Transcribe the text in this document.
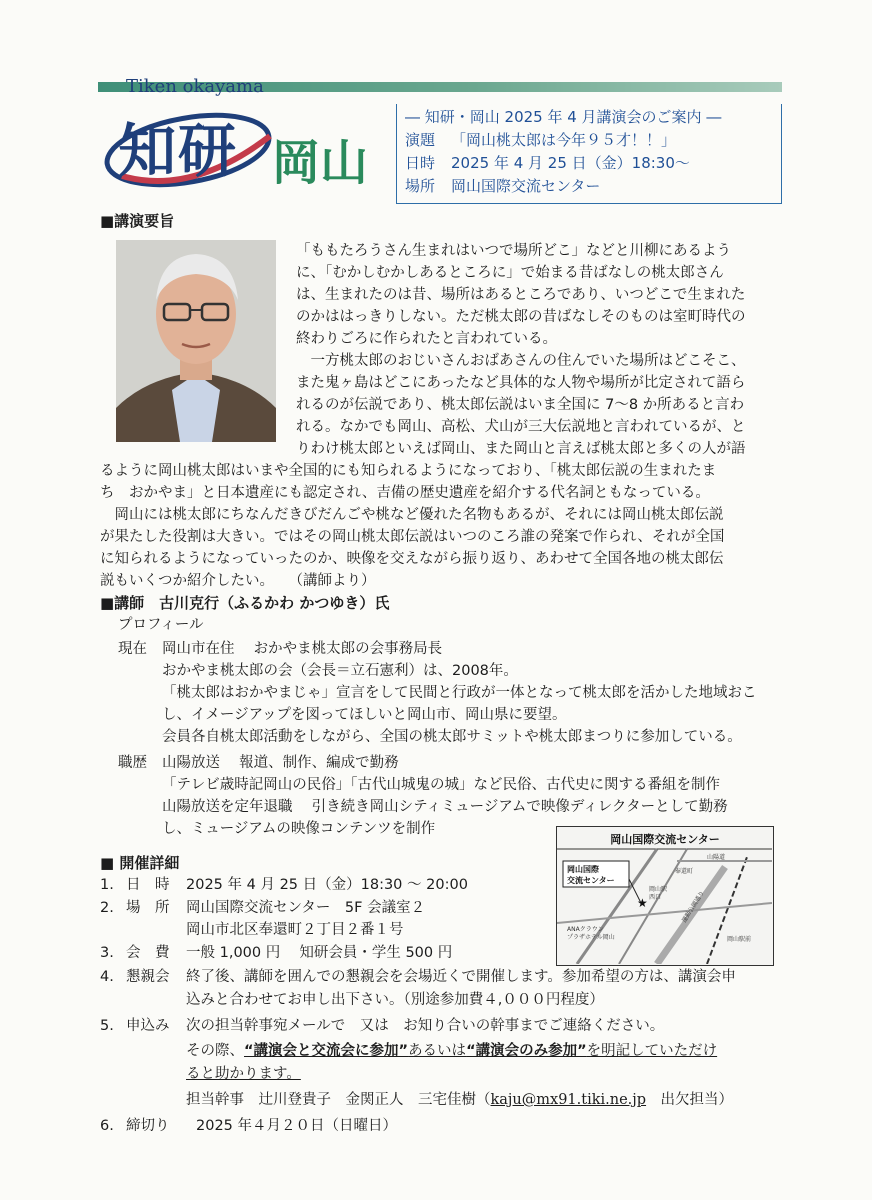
Tiken okayama
知研 岡山
― 知研・岡山 2025 年 4 月講演会のご案内 ―
演題 「岡山桃太郎は今年９５才！！」
日時 2025 年 4 月 25 日（金）18:30～
場所 岡山国際交流センター
■講演要旨
「ももたろうさん生まれはいつで場所どこ」などと川柳にあるよう
に、「むかしむかしあるところに」で始まる昔ばなしの桃太郎さん
は、生まれたのは昔、場所はあるところであり、いつどこで生まれた
のかははっきりしない。ただ桃太郎の昔ばなしそのものは室町時代の
終わりごろに作られたと言われている。
　一方桃太郎のおじいさんおばあさんの住んでいた場所はどこそこ、
また鬼ヶ島はどこにあったなど具体的な人物や場所が比定されて語ら
れるのが伝説であり、桃太郎伝説はいま全国に 7～8 か所あると言わ
れる。なかでも岡山、高松、犬山が三大伝説地と言われているが、と
りわけ桃太郎といえば岡山、また岡山と言えば桃太郎と多くの人が語
るように岡山桃太郎はいまや全国的にも知られるようになっており、「桃太郎伝説の生まれたま
ち　おかやま」と日本遺産にも認定され、吉備の歴史遺産を紹介する代名詞ともなっている。
　岡山には桃太郎にちなんだきびだんごや桃など優れた名物もあるが、それには岡山桃太郎伝説
が果たした役割は大きい。ではその岡山桃太郎伝説はいつのころ誰の発案で作られ、それが全国
に知られるようになっていったのか、映像を交えながら振り返り、あわせて全国各地の桃太郎伝
説もいくつか紹介したい。　　（講師より）
■講師　古川克行（ふるかわ かつゆき）氏
プロフィール
現在 岡山市在住　 おかやま桃太郎の会事務局長
おかやま桃太郎の会（会長＝立石憲利）は、2008年。
「桃太郎はおかやまじゃ」宣言をして民間と行政が一体となって桃太郎を活かした地域おこ
し、イメージアップを図ってほしいと岡山市、岡山県に要望。
会員各自桃太郎活動をしながら、全国の桃太郎サミットや桃太郎まつりに参加している。
職歴 山陽放送　 報道、制作、編成で勤務
「テレビ歳時記岡山の民俗」「古代山城鬼の城」など民俗、古代史に関する番組を制作
山陽放送を定年退職　 引き続き岡山シティミュージアムで映像ディレクターとして勤務
し、ミュージアムの映像コンテンツを制作
岡山国際交流センター
岡山国際
交流センター
★
山陽道
奉還町
岡山駅
西口
ANAクラウン
プラザホテル岡山	岡山駅前
運動公園通り
■ 開催詳細
1. 日　時 2025 年 4 月 25 日（金）18:30 ～ 20:00
2. 場　所 岡山国際交流センター　5F 会議室２
岡山市北区奉還町２丁目２番１号
3. 会　費 一般 1,000 円　 知研会員・学生 500 円
4. 懇親会 終了後、講師を囲んでの懇親会を会場近くで開催します。参加希望の方は、講演会申
込みと合わせてお申し出下さい。（別途参加費４,０００円程度）
5. 申込み 次の担当幹事宛メールで　又は　お知り合いの幹事までご連絡ください。
その際、“講演会と交流会に参加”あるいは“講演会のみ参加”を明記していただけ
ると助かります。
担当幹事　辻川登貴子　金関正人　三宅佳樹（kaju@mx91.tiki.ne.jp　出欠担当）
6. 締切り 2025 年４月２０日（日曜日）
